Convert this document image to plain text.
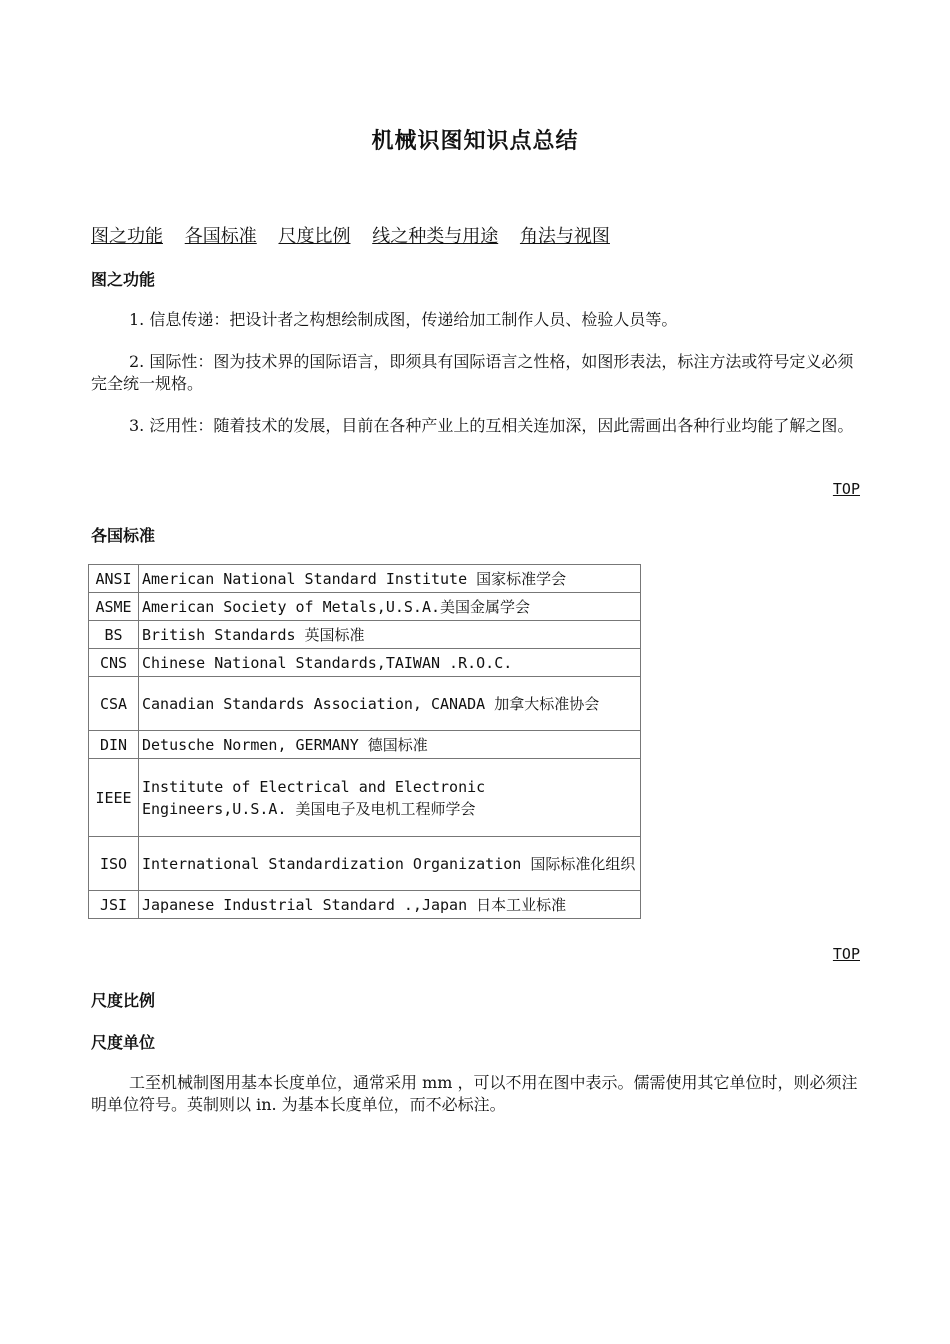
机械识图知识点总结
图之功能 各国标准 尺度比例 线之种类与用途 角法与视图
图之功能
1. 信息传递：把设计者之构想绘制成图，传递给加工制作人员、检验人员等。
2. 国际性：图为技术界的国际语言，即须具有国际语言之性格，如图形表法，标注方法或符号定义必须完全统一规格。
3. 泛用性：随着技术的发展，目前在各种产业上的互相关连加深，因此需画出各种行业均能了解之图。
TOP
各国标准
ANSI	American National Standard Institute 国家标准学会
ASME	American Society of Metals,U.S.A.美国金属学会
BS	British Standards 英国标准
CNS	Chinese National Standards,TAIWAN .R.O.C.
CSA	Canadian Standards Association, CANADA 加拿大标准协会
DIN	Detusche Normen, GERMANY 德国标准
IEEE	Institute of Electrical and Electronic Engineers,U.S.A. 美国电子及电机工程师学会
ISO	International Standardization Organization 国际标准化组织
JSI	Japanese Industrial Standard .,Japan 日本工业标准
TOP
尺度比例
尺度单位
工至机械制图用基本长度单位，通常采用 mm ，可以不用在图中表示。儒需使用其它单位时，则必须注明单位符号。英制则以 in. 为基本长度单位，而不必标注。
